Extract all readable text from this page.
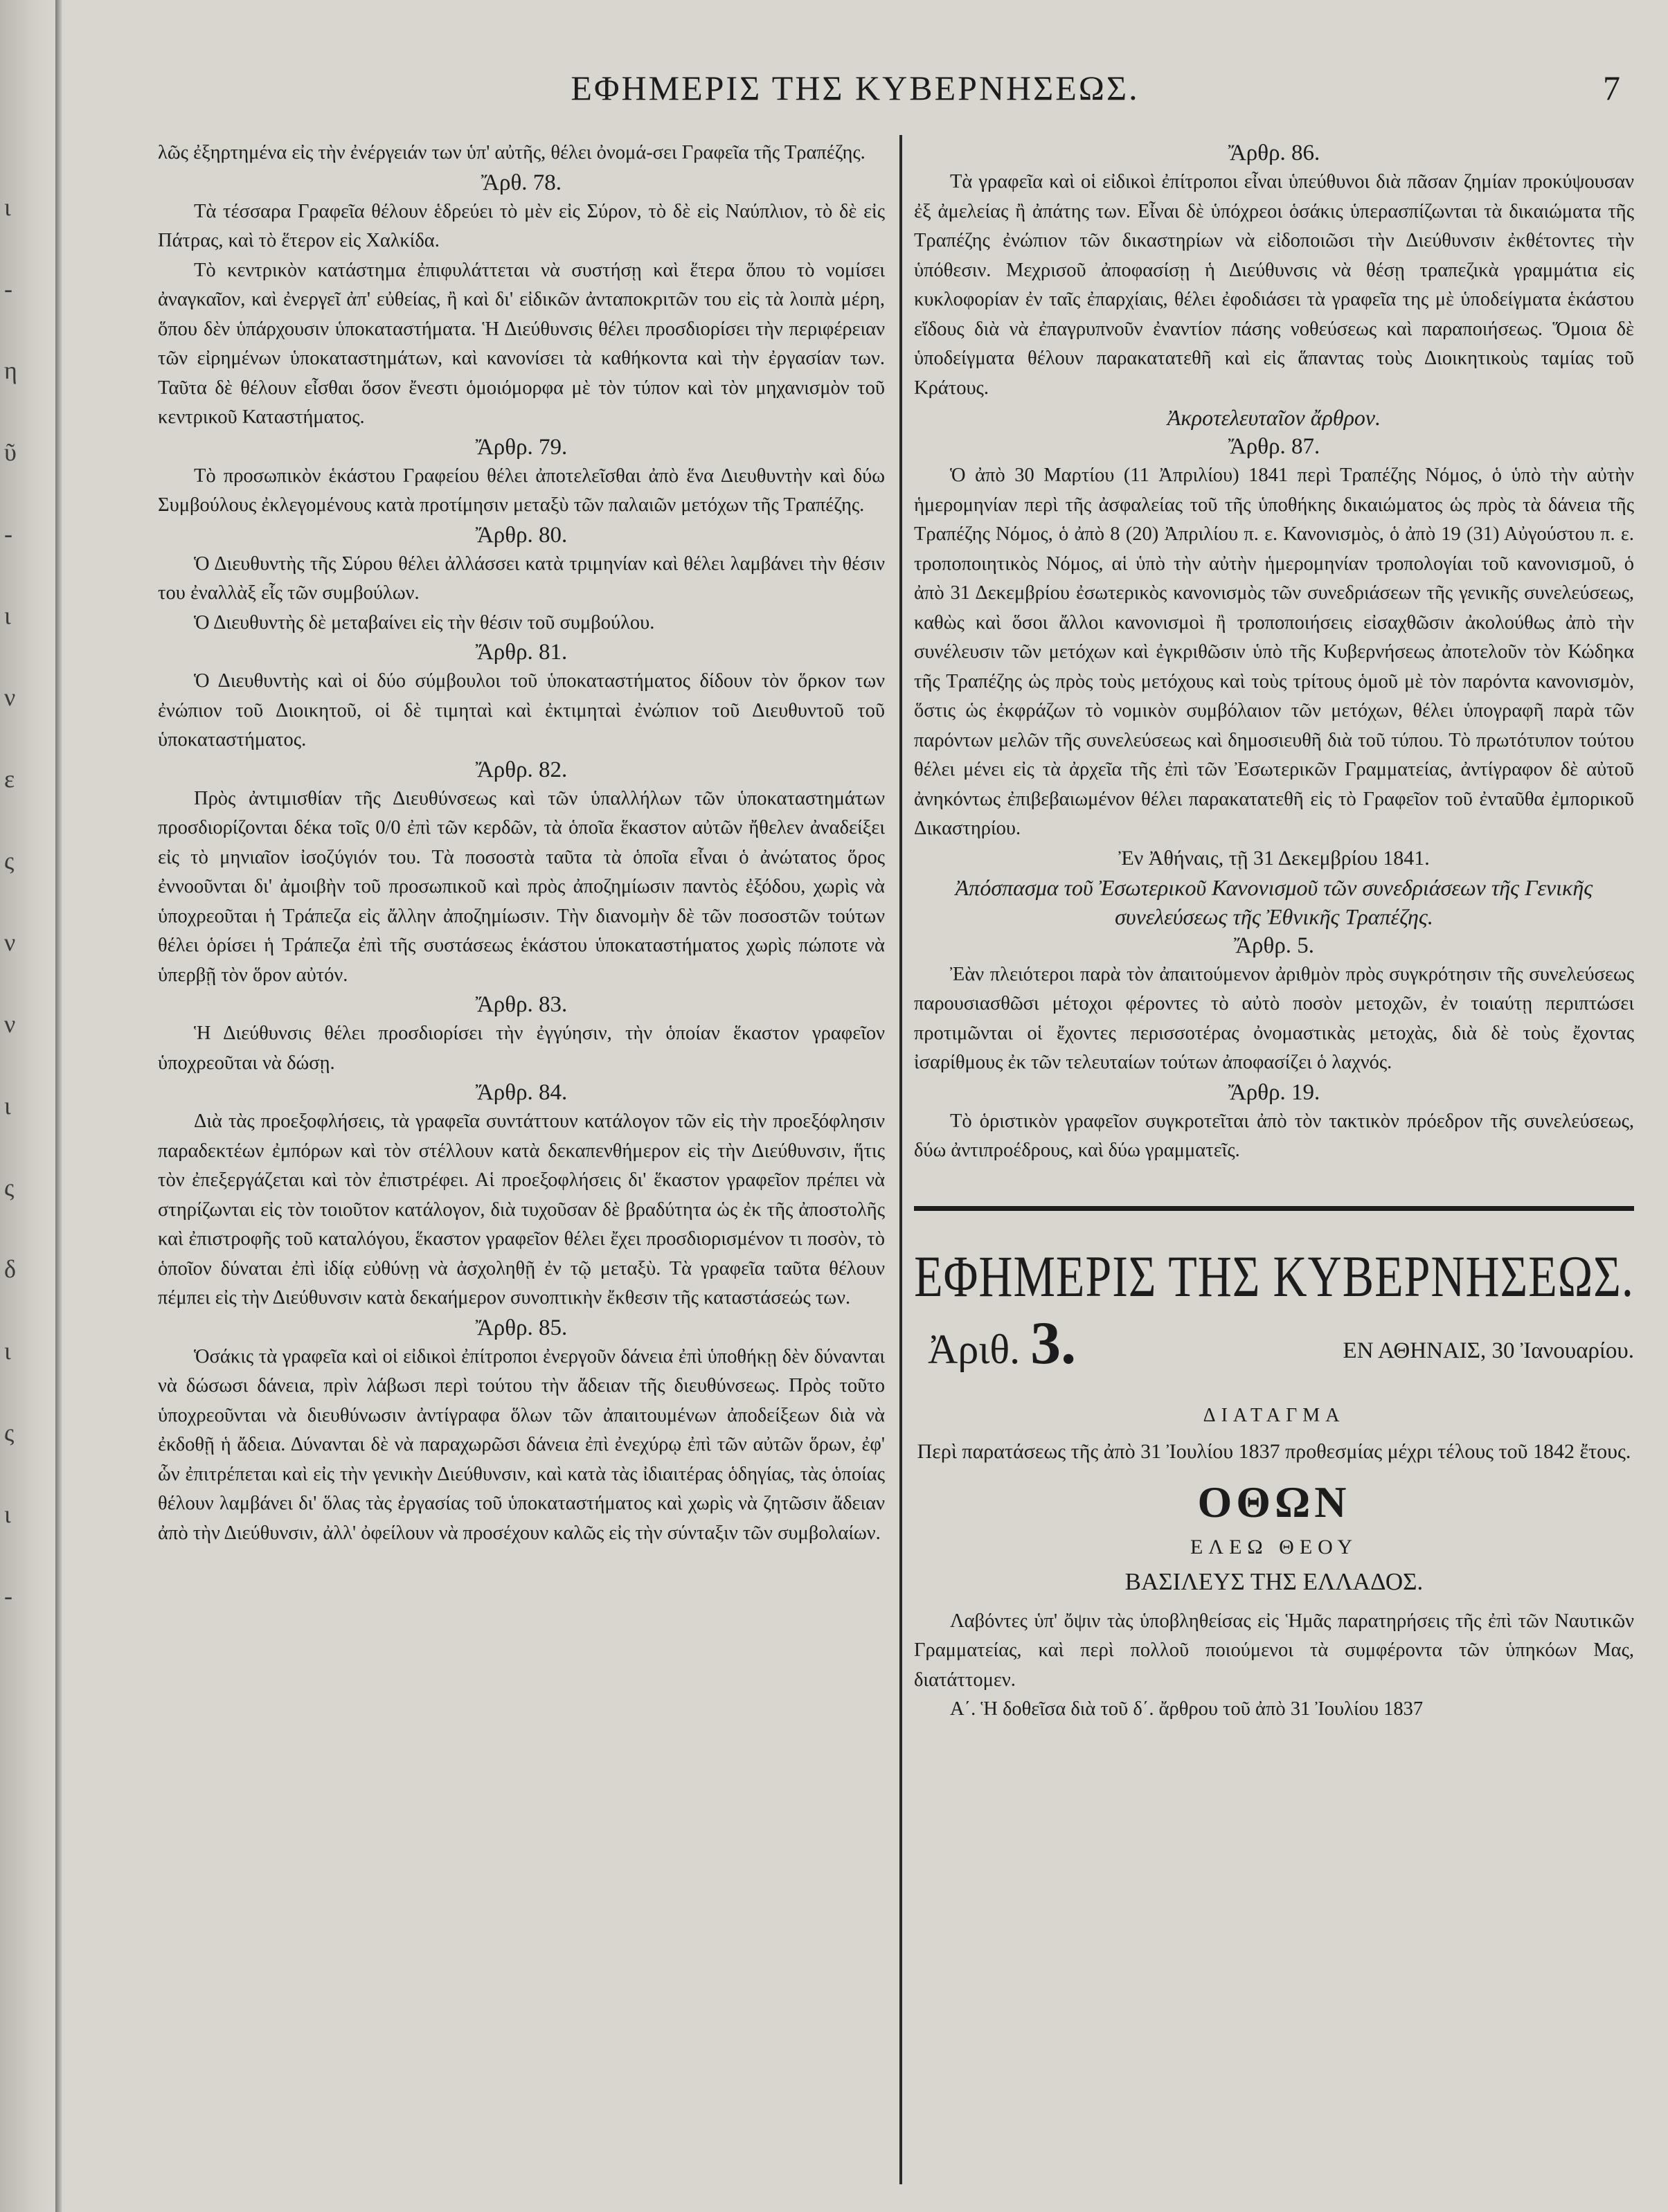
ι
-
η
ῦ
-
ι
ν
ε
ς
ν
ν
ι
ς
δ
ι
ς
ι
-
ΕΦΗΜΕΡΙΣ ΤΗΣ ΚΥΒΕΡΝΗΣΕΩΣ.	7

λῶς ἐξηρτημένα εἰς τὴν ἐνέργειάν των ὑπ' αὐτῆς, θέλει ὀνομά-σει Γραφεῖα τῆς Τραπέζης.

Ἄρθ. 78.

Τὰ τέσσαρα Γραφεῖα θέλουν ἑδρεύει τὸ μὲν εἰς Σύρον, τὸ δὲ εἰς Ναύπλιον, τὸ δὲ εἰς Πάτρας, καὶ τὸ ἕτερον εἰς Χαλκίδα.

Τὸ κεντρικὸν κατάστημα ἐπιφυλάττεται νὰ συστήσῃ καὶ ἕτερα ὅπου τὸ νομίσει ἀναγκαῖον, καὶ ἐνεργεῖ ἀπ' εὐθείας, ἢ καὶ δι' εἰδικῶν ἀνταποκριτῶν του εἰς τὰ λοιπὰ μέρη, ὅπου δὲν ὑπάρχουσιν ὑποκαταστήματα. Ἡ Διεύθυνσις θέλει προσδιορίσει τὴν περιφέρειαν τῶν εἰρημένων ὑποκαταστημάτων, καὶ κανονίσει τὰ καθήκοντα καὶ τὴν ἐργασίαν των. Ταῦτα δὲ θέλουν εἶσθαι ὅσον ἔνεστι ὁμοιόμορφα μὲ τὸν τύπον καὶ τὸν μηχανισμὸν τοῦ κεντρικοῦ Καταστήματος.

Ἄρθρ. 79.

Τὸ προσωπικὸν ἑκάστου Γραφείου θέλει ἀποτελεῖσθαι ἀπὸ ἕνα Διευθυντὴν καὶ δύω Συμβούλους ἐκλεγομένους κατὰ προτίμησιν μεταξὺ τῶν παλαιῶν μετόχων τῆς Τραπέζης.

Ἄρθρ. 80.

Ὁ Διευθυντὴς τῆς Σύρου θέλει ἀλλάσσει κατὰ τριμηνίαν καὶ θέλει λαμβάνει τὴν θέσιν του ἐναλλὰξ εἷς τῶν συμβούλων.

Ὁ Διευθυντὴς δὲ μεταβαίνει εἰς τὴν θέσιν τοῦ συμβούλου.

Ἄρθρ. 81.

Ὁ Διευθυντὴς καὶ οἱ δύο σύμβουλοι τοῦ ὑποκαταστήματος δίδουν τὸν ὅρκον των ἐνώπιον τοῦ Διοικητοῦ, οἱ δὲ τιμηταὶ καὶ ἐκτιμηταὶ ἐνώπιον τοῦ Διευθυντοῦ τοῦ ὑποκαταστήματος.

Ἄρθρ. 82.

Πρὸς ἀντιμισθίαν τῆς Διευθύνσεως καὶ τῶν ὑπαλλήλων τῶν ὑποκαταστημάτων προσδιορίζονται δέκα τοῖς 0/0 ἐπὶ τῶν κερδῶν, τὰ ὁποῖα ἕκαστον αὐτῶν ἤθελεν ἀναδείξει εἰς τὸ μηνιαῖον ἰσοζύγιόν του. Τὰ ποσοστὰ ταῦτα τὰ ὁποῖα εἶναι ὁ ἀνώτατος ὅρος ἐννοοῦνται δι' ἀμοιβὴν τοῦ προσωπικοῦ καὶ πρὸς ἀποζημίωσιν παντὸς ἐξόδου, χωρὶς νὰ ὑποχρεοῦται ἡ Τράπεζα εἰς ἄλλην ἀποζημίωσιν. Τὴν διανομὴν δὲ τῶν ποσοστῶν τούτων θέλει ὁρίσει ἡ Τράπεζα ἐπὶ τῆς συστάσεως ἑκάστου ὑποκαταστήματος χωρὶς πώποτε νὰ ὑπερβῇ τὸν ὅρον αὐτόν.

Ἄρθρ. 83.

Ἡ Διεύθυνσις θέλει προσδιορίσει τὴν ἐγγύησιν, τὴν ὁποίαν ἕκαστον γραφεῖον ὑποχρεοῦται νὰ δώσῃ.

Ἄρθρ. 84.

Διὰ τὰς προεξοφλήσεις, τὰ γραφεῖα συντάττουν κατάλογον τῶν εἰς τὴν προεξόφλησιν παραδεκτέων ἐμπόρων καὶ τὸν στέλλουν κατὰ δεκαπενθήμερον εἰς τὴν Διεύθυνσιν, ἥτις τὸν ἐπεξεργάζεται καὶ τὸν ἐπιστρέφει. Αἱ προεξοφλήσεις δι' ἕκαστον γραφεῖον πρέπει νὰ στηρίζωνται εἰς τὸν τοιοῦτον κατάλογον, διὰ τυχοῦσαν δὲ βραδύτητα ὡς ἐκ τῆς ἀποστολῆς καὶ ἐπιστροφῆς τοῦ καταλόγου, ἕκαστον γραφεῖον θέλει ἔχει προσδιορισμένον τι ποσὸν, τὸ ὁποῖον δύναται ἐπὶ ἰδίᾳ εὐθύνῃ νὰ ἀσχοληθῇ ἐν τῷ μεταξὺ. Τὰ γραφεῖα ταῦτα θέλουν πέμπει εἰς τὴν Διεύθυνσιν κατὰ δεκαήμερον συνοπτικὴν ἔκθεσιν τῆς καταστάσεώς των.

Ἄρθρ. 85.

Ὁσάκις τὰ γραφεῖα καὶ οἱ εἰδικοὶ ἐπίτροποι ἐνεργοῦν δάνεια ἐπὶ ὑποθήκῃ δὲν δύνανται νὰ δώσωσι δάνεια, πρὶν λάβωσι περὶ τούτου τὴν ἄδειαν τῆς διευθύνσεως. Πρὸς τοῦτο ὑποχρεοῦνται νὰ διευθύνωσιν ἀντίγραφα ὅλων τῶν ἀπαιτουμένων ἀποδείξεων διὰ νὰ ἐκδοθῇ ἡ ἄδεια. Δύνανται δὲ νὰ παραχωρῶσι δάνεια ἐπὶ ἐνεχύρῳ ἐπὶ τῶν αὐτῶν ὅρων, ἐφ' ὧν ἐπιτρέπεται καὶ εἰς τὴν γενικὴν Διεύθυνσιν, καὶ κατὰ τὰς ἰδιαιτέρας ὁδηγίας, τὰς ὁποίας θέλουν λαμβάνει δι' ὅλας τὰς ἐργασίας τοῦ ὑποκαταστήματος καὶ χωρὶς νὰ ζητῶσιν ἄδειαν ἀπὸ τὴν Διεύθυνσιν, ἀλλ' ὀφείλουν νὰ προσέχουν καλῶς εἰς τὴν σύνταξιν τῶν συμβολαίων.

Ἄρθρ. 86.

Τὰ γραφεῖα καὶ οἱ εἰδικοὶ ἐπίτροποι εἶναι ὑπεύθυνοι διὰ πᾶσαν ζημίαν προκύψουσαν ἐξ ἀμελείας ἢ ἀπάτης των. Εἶναι δὲ ὑπόχρεοι ὁσάκις ὑπερασπίζωνται τὰ δικαιώματα τῆς Τραπέζης ἐνώπιον τῶν δικαστηρίων νὰ εἰδοποιῶσι τὴν Διεύθυνσιν ἐκθέτοντες τὴν ὑπόθεσιν. Μεχρισοῦ ἀποφασίσῃ ἡ Διεύθυνσις νὰ θέσῃ τραπεζικὰ γραμμάτια εἰς κυκλοφορίαν ἐν ταῖς ἐπαρχίαις, θέλει ἐφοδιάσει τὰ γραφεῖα της μὲ ὑποδείγματα ἑκάστου εἴδους διὰ νὰ ἐπαγρυπνοῦν ἐναντίον πάσης νοθεύσεως καὶ παραποιήσεως. Ὅμοια δὲ ὑποδείγματα θέλουν παρακατατεθῆ καὶ εἰς ἅπαντας τοὺς Διοικητικοὺς ταμίας τοῦ Κράτους.

Ἀκροτελευταῖον ἄρθρον.

Ἄρθρ. 87.

Ὁ ἀπὸ 30 Μαρτίου (11 Ἀπριλίου) 1841 περὶ Τραπέζης Νόμος, ὁ ὑπὸ τὴν αὐτὴν ἡμερομηνίαν περὶ τῆς ἀσφαλείας τοῦ τῆς ὑποθήκης δικαιώματος ὡς πρὸς τὰ δάνεια τῆς Τραπέζης Νόμος, ὁ ἀπὸ 8 (20) Ἀπριλίου π. ε. Κανονισμὸς, ὁ ἀπὸ 19 (31) Αὐγούστου π. ε. τροποποιητικὸς Νόμος, αἱ ὑπὸ τὴν αὐτὴν ἡμερομηνίαν τροπολογίαι τοῦ κανονισμοῦ, ὁ ἀπὸ 31 Δεκεμβρίου ἐσωτερικὸς κανονισμὸς τῶν συνεδριάσεων τῆς γενικῆς συνελεύσεως, καθὼς καὶ ὅσοι ἄλλοι κανονισμοὶ ἢ τροποποιήσεις εἰσαχθῶσιν ἀκολούθως ἀπὸ τὴν συνέλευσιν τῶν μετόχων καὶ ἐγκριθῶσιν ὑπὸ τῆς Κυβερνήσεως ἀποτελοῦν τὸν Κώδηκα τῆς Τραπέζης ὡς πρὸς τοὺς μετόχους καὶ τοὺς τρίτους ὁμοῦ μὲ τὸν παρόντα κανονισμὸν, ὅστις ὡς ἐκφράζων τὸ νομικὸν συμβόλαιον τῶν μετόχων, θέλει ὑπογραφῆ παρὰ τῶν παρόντων μελῶν τῆς συνελεύσεως καὶ δημοσιευθῆ διὰ τοῦ τύπου. Τὸ πρωτότυπον τούτου θέλει μένει εἰς τὰ ἀρχεῖα τῆς ἐπὶ τῶν Ἐσωτερικῶν Γραμματείας, ἀντίγραφον δὲ αὐτοῦ ἀνηκόντως ἐπιβεβαιωμένον θέλει παρακατατεθῆ εἰς τὸ Γραφεῖον τοῦ ἐνταῦθα ἐμπορικοῦ Δικαστηρίου.

Ἐν Ἀθήναις, τῇ 31 Δεκεμβρίου 1841.

Ἀπόσπασμα τοῦ Ἐσωτερικοῦ Κανονισμοῦ τῶν συνεδριάσεων τῆς Γενικῆς συνελεύσεως τῆς Ἐθνικῆς Τραπέζης.

Ἄρθρ. 5.

Ἐὰν πλειότεροι παρὰ τὸν ἀπαιτούμενον ἀριθμὸν πρὸς συγκρότησιν τῆς συνελεύσεως παρουσιασθῶσι μέτοχοι φέροντες τὸ αὐτὸ ποσὸν μετοχῶν, ἐν τοιαύτῃ περιπτώσει προτιμῶνται οἱ ἔχοντες περισσοτέρας ὀνομαστικὰς μετοχὰς, διὰ δὲ τοὺς ἔχοντας ἰσαρίθμους ἐκ τῶν τελευταίων τούτων ἀποφασίζει ὁ λαχνός.

Ἄρθρ. 19.

Τὸ ὁριστικὸν γραφεῖον συγκροτεῖται ἀπὸ τὸν τακτικὸν πρόεδρον τῆς συνελεύσεως, δύω ἀντιπροέδρους, καὶ δύω γραμματεῖς.

ΕΦΗΜΕΡΙΣ ΤΗΣ ΚΥΒΕΡΝΗΣΕΩΣ.
Ἀριθ. 3.	ΕΝ ΑΘΗΝΑΙΣ, 30 Ἰανουαρίου.
ΔΙΑΤΑΓΜΑ
Περὶ παρατάσεως τῆς ἀπὸ 31 Ἰουλίου 1837 προθεσμίας μέχρι τέλους τοῦ 1842 ἔτους.
ΟΘΩΝ
ΕΛΕΩ ΘΕΟΥ
ΒΑΣΙΛΕΥΣ ΤΗΣ ΕΛΛΑΔΟΣ.

Λαβόντες ὑπ' ὄψιν τὰς ὑποβληθείσας εἰς Ἡμᾶς παρατηρήσεις τῆς ἐπὶ τῶν Ναυτικῶν Γραμματείας, καὶ περὶ πολλοῦ ποιούμενοι τὰ συμφέροντα τῶν ὑπηκόων Μας, διατάττομεν.

Α΄. Ἡ δοθεῖσα διὰ τοῦ δ΄. ἄρθρου τοῦ ἀπὸ 31 Ἰουλίου 1837
